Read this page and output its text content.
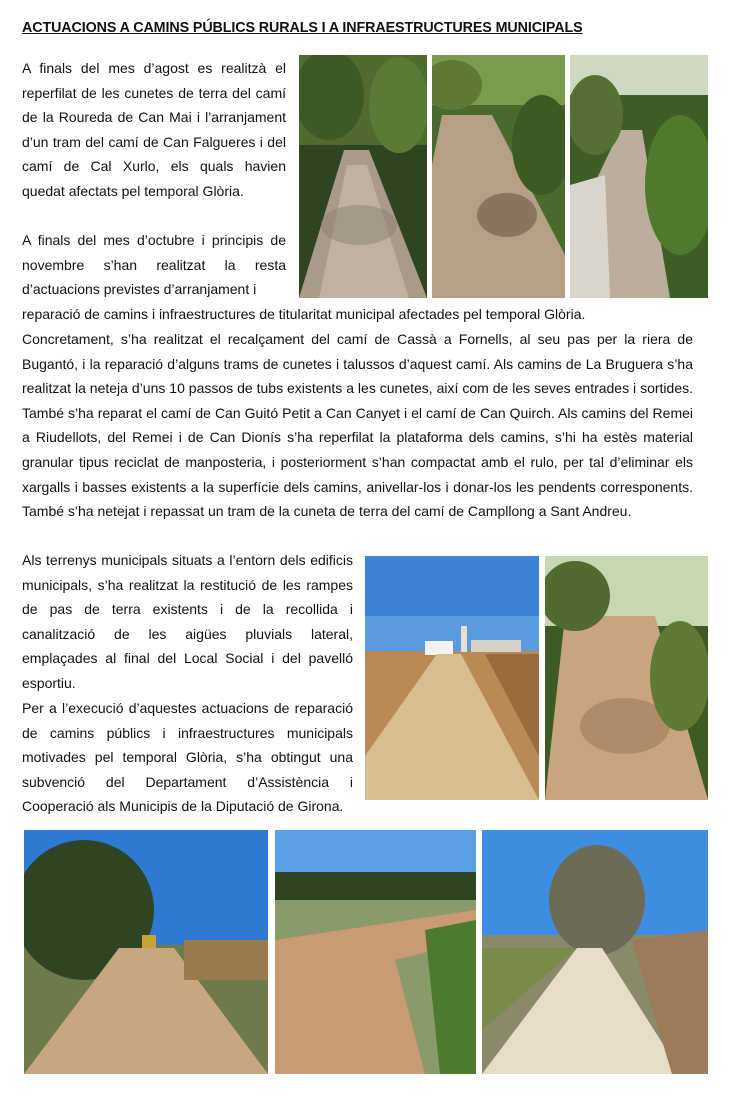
ACTUACIONS A CAMINS PÚBLICS RURALS I A INFRAESTRUCTURES MUNICIPALS

A finals del mes d’agost es realitzà el reperfilat de les cunetes de terra del camí de la Roureda de Can Mai i l’arranjament d’un tram del camí de Can Falgueres i del camí de Cal Xurlo, els quals havien quedat afectats pel temporal Glòria.

A finals del mes d’octubre i principis de novembre s’han realitzat la resta d’actuacions previstes d’arranjament i

reparació de camins i infraestructures de titularitat municipal afectades pel temporal Glòria.

Concretament, s’ha realitzat el recalçament del camí de Cassà a Fornells, al seu pas per la riera de Bugantó, i la reparació d’alguns trams de cunetes i talussos d’aquest camí. Als camins de La Bruguera s’ha realitzat la neteja d’uns 10 passos de tubs existents a les cunetes, així com de les seves entrades i sortides. També s’ha reparat el camí de Can Guitó Petit a Can Canyet i el camí de Can Quirch. Als camins del Remei a Riudellots, del Remei i de Can Dionís s’ha reperfilat la plataforma dels camins, s’hi ha estès material granular tipus reciclat de manposteria, i posteriorment s’han compactat amb el rulo, per tal d’eliminar els xargalls i basses existents a la superfície dels camins, anivellar-los i donar-los les pendents corresponents. També s’ha netejat i repassat un tram de la cuneta de terra del camí de Campllong a Sant Andreu.

Als terrenys municipals situats a l’entorn dels edificis municipals, s’ha realitzat la restitució de les rampes de pas de terra existents i de la recollida i canalització de les aigües pluvials lateral, emplaçades al final del Local Social i del pavelló esportiu.

Per a l’execució d’aquestes actuacions de reparació de camins públics i infraestructures municipals motivades pel temporal Glòria, s’ha obtingut una subvenció del Departament d’Assistència i Cooperació als Municipis de la Diputació de Girona.
